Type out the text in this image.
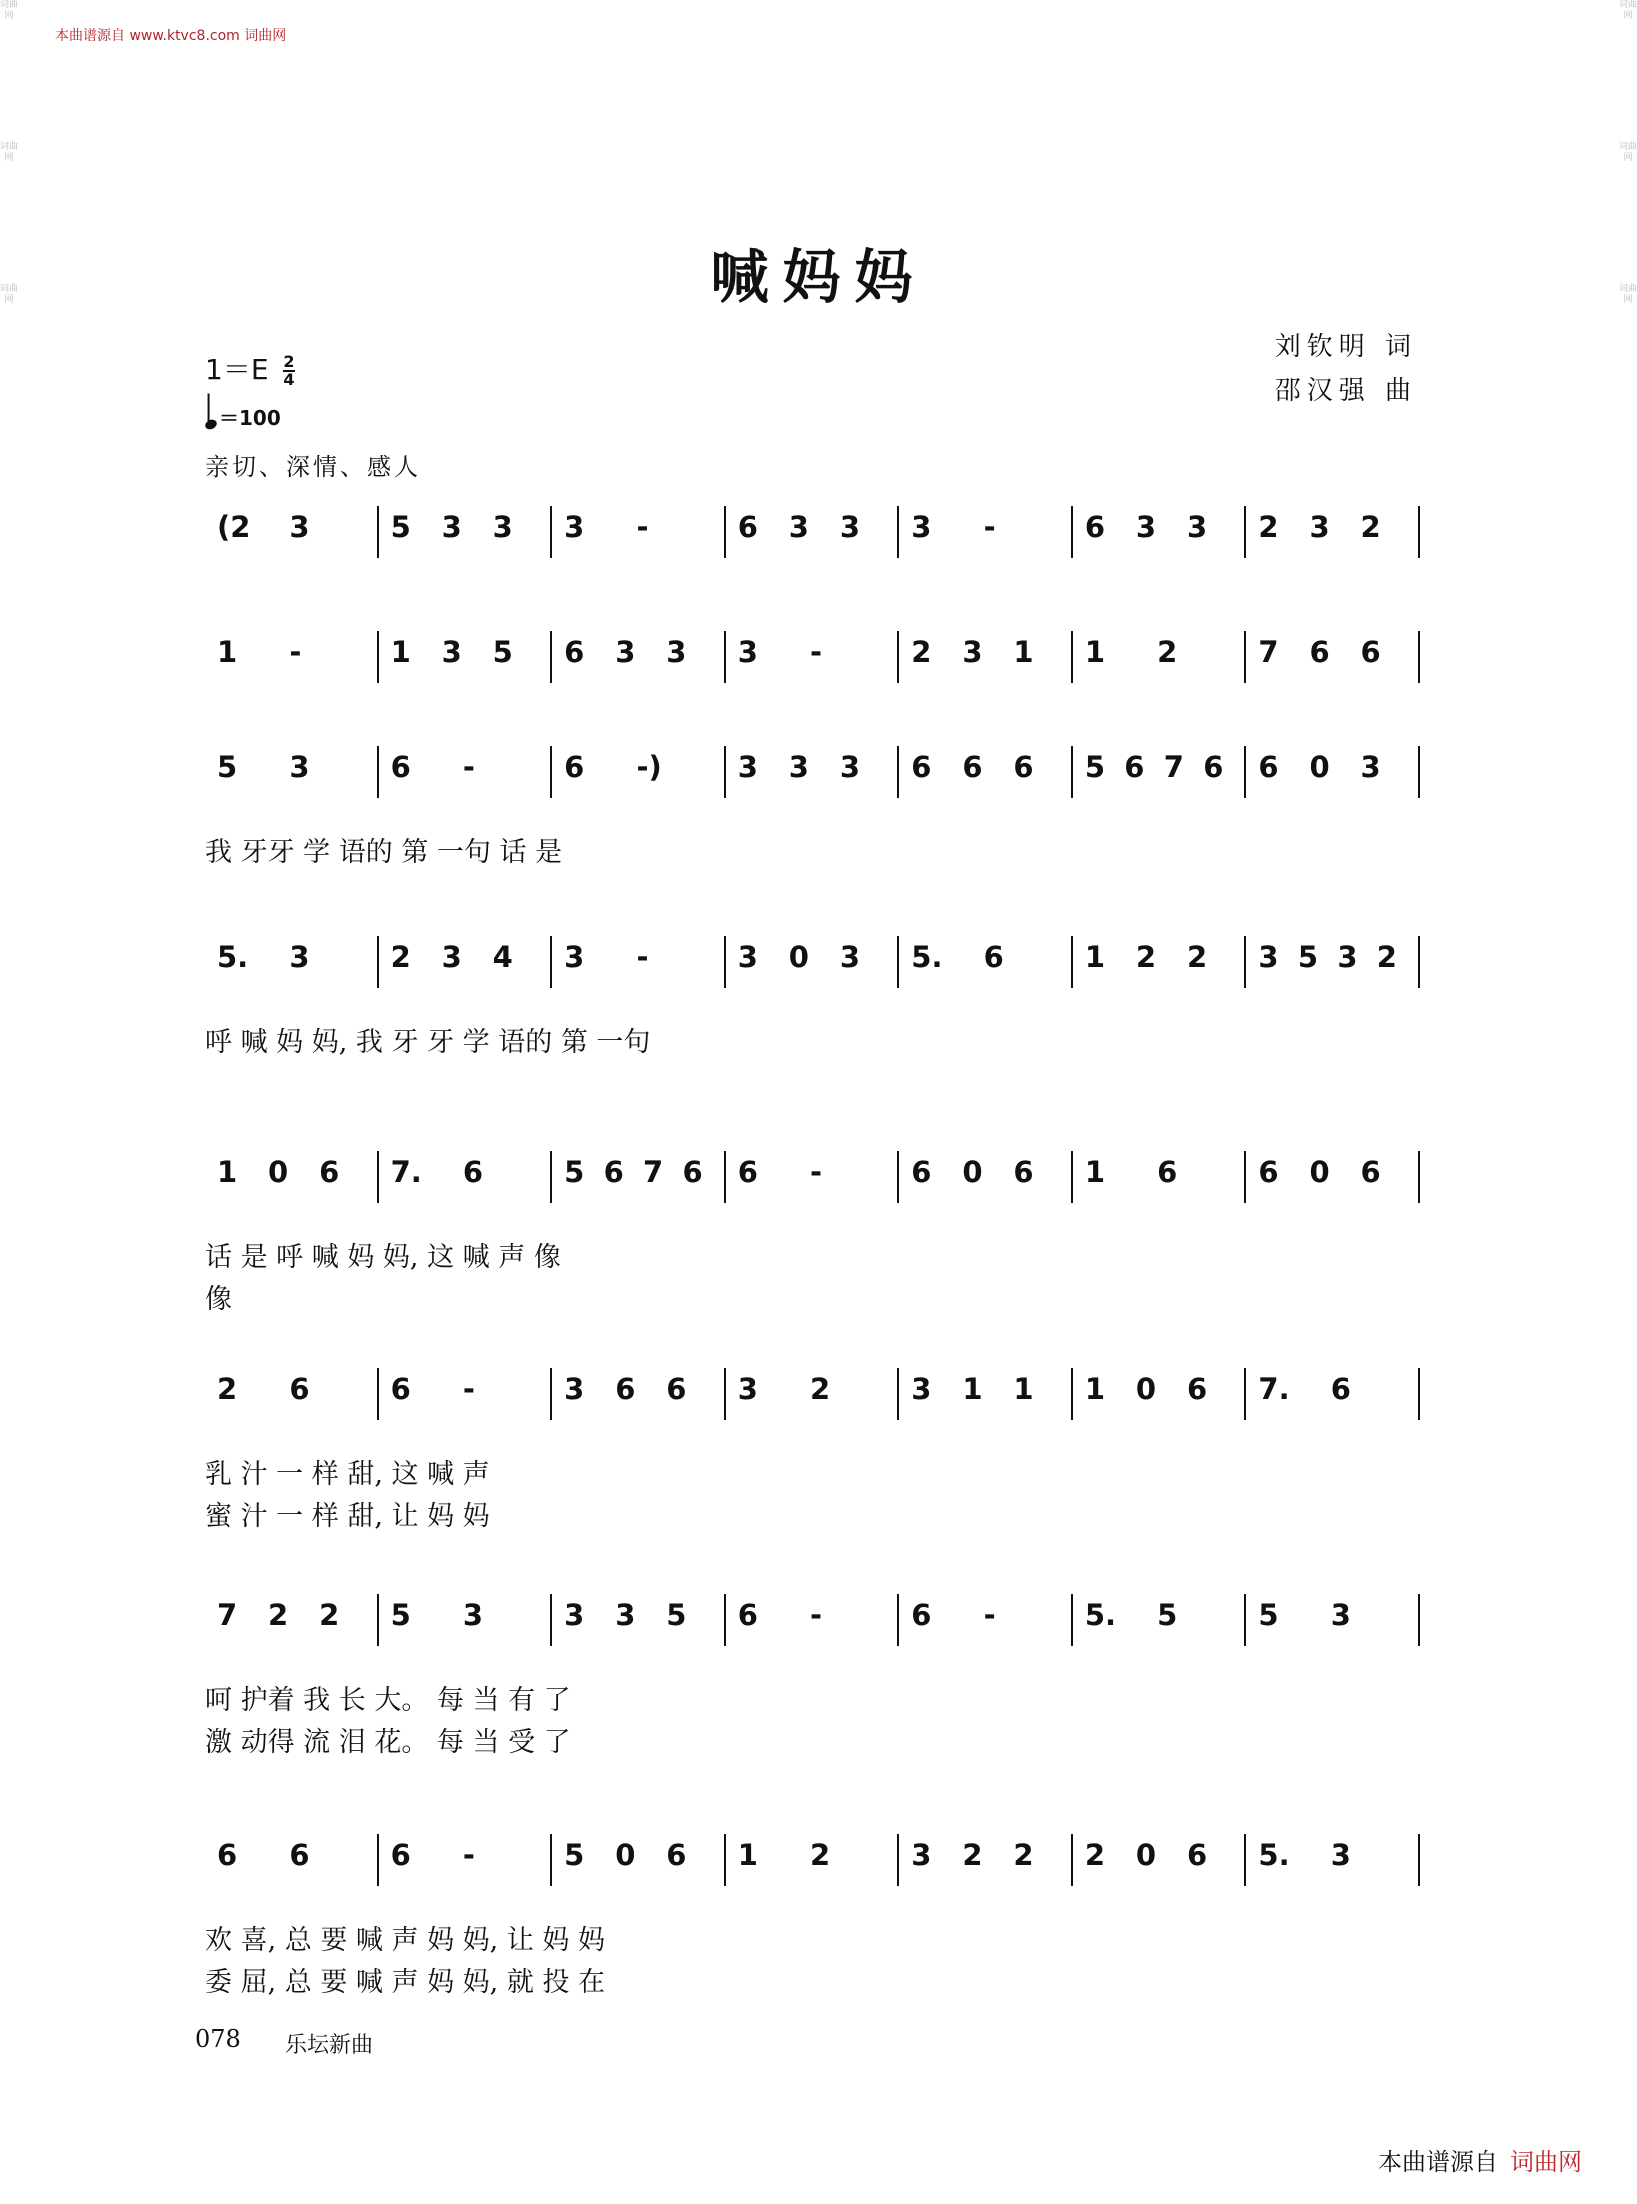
本曲谱源自 www.ktvc8.com 词曲网
词曲网
词曲网
词曲网
词曲网
词曲网
词曲网
喊妈妈
刘钦明 词
邵汉强 曲
$1=E \frac{2}{4}$
＝100
亲切、深情、感人
(2 3	5 3 3 3 -	6 3 3 3 -	6 3 3 2 3 2
1 -	1 3 5 6 3 3 3 -	2 3 1 1 2	7 6 6
5 3	6 -	6 -)	3 3 3 6 6 6 5 6 7 6 6 0 3
我 牙牙 学 语的 第 一句 话 是
5. 3	2 3 4 3 -	3 0 3 5. 6	1 2 2 3 5 3 2
呼 喊 妈 妈, 我 牙 牙 学 语的 第 一句
1 0 6 7. 6	5 6 7 6 6 -	6 0 6 1 6	6 0 6
话 是 呼 喊 妈 妈, 这 喊 声 像
像
2 6	6 -	3 6 6 3 2	3 1 1 1 0 6 7. 6
乳 汁 一 样 甜, 这 喊 声
蜜 汁 一 样 甜, 让 妈 妈
7 2 2 5 3	3 3 5 6 -	6 -	5. 5	5 3
呵 护着 我 长 大。 每 当 有 了
激 动得 流 泪 花。 每 当 受 了
6 6	6 -	5 0 6 1 2	3 2 2 2 0 6 5. 3
欢 喜, 总 要 喊 声 妈 妈, 让 妈 妈
委 屈, 总 要 喊 声 妈 妈, 就 投 在
078 乐坛新曲
本曲谱源自 词曲网
